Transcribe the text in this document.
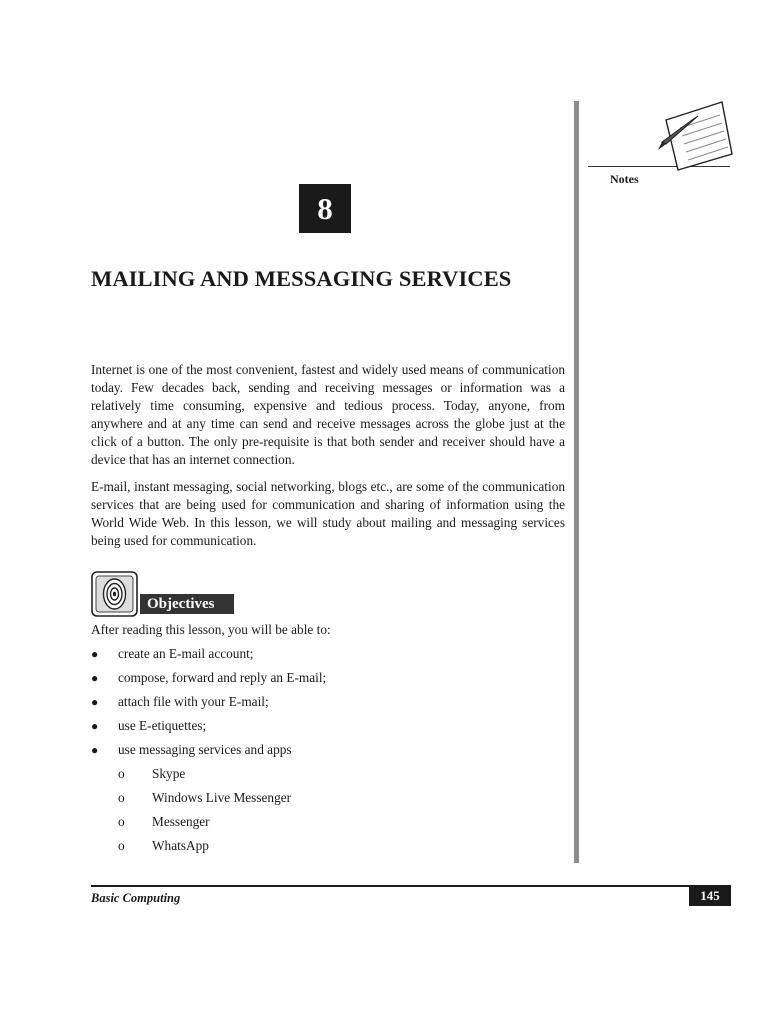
Notes
8
MAILING AND MESSAGING SERVICES

Internet is one of the most convenient, fastest and widely used means of communication today. Few decades back, sending and receiving messages or information was a relatively time consuming, expensive and tedious process. Today, anyone, from anywhere and at any time can send and receive messages across the globe just at the click of a button. The only pre-requisite is that both sender and receiver should have a device that has an internet connection.

E-mail, instant messaging, social networking, blogs etc., are some of the communication services that are being used for communication and sharing of information using the World Wide Web. In this lesson, we will study about mailing and messaging services being used for communication.

Objectives
After reading this lesson, you will be able to:
● create an E-mail account;
● compose, forward and reply an E-mail;
● attach file with your E-mail;
● use E-etiquettes;
● use messaging services and apps
o Skype
o Windows Live Messenger
o Messenger
o WhatsApp
Basic Computing	145
